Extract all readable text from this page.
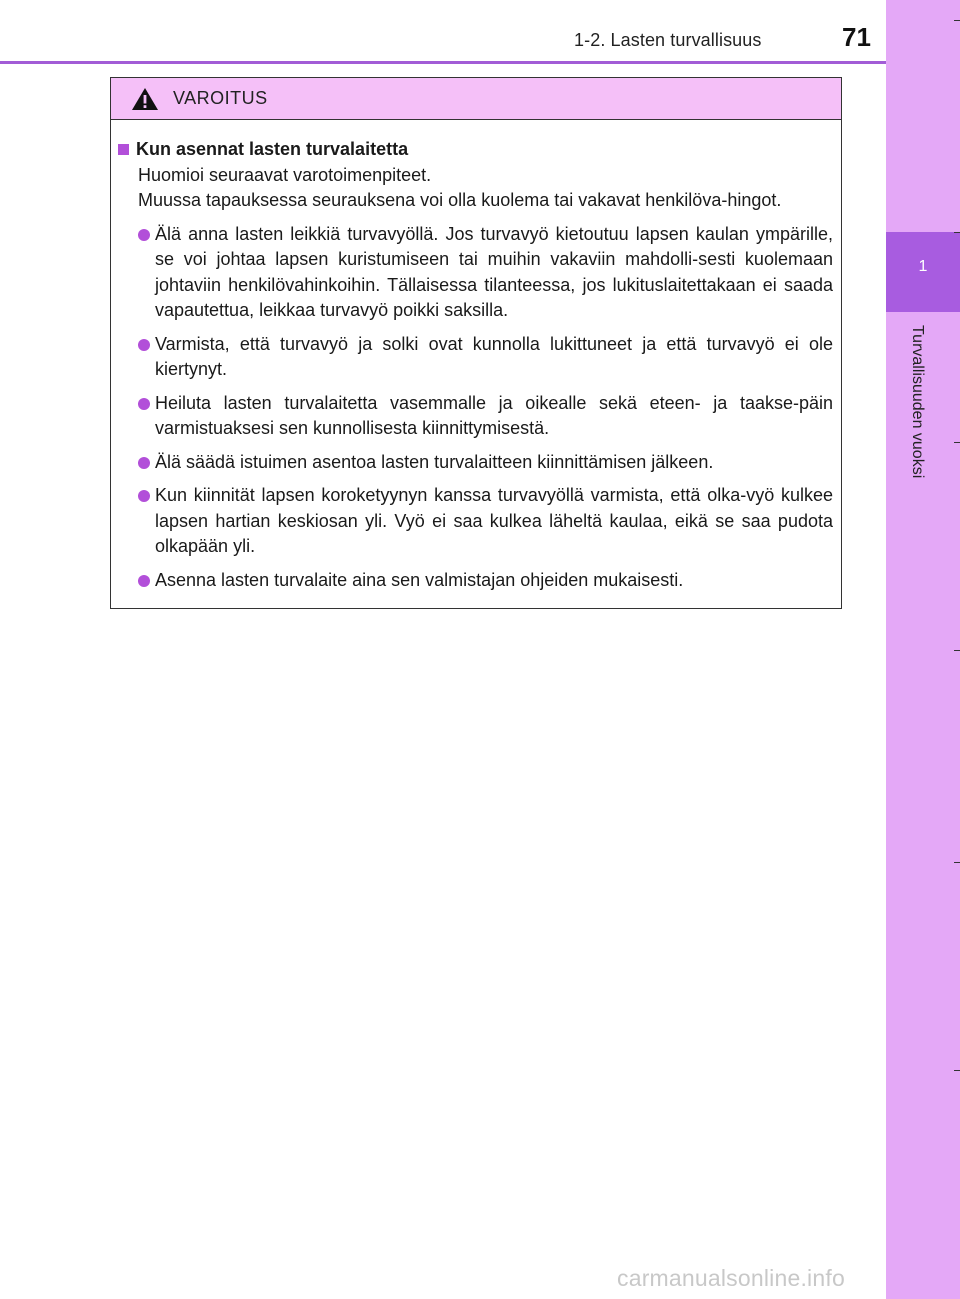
1
Turvallisuuden vuoksi
1-2. Lasten turvallisuus	71
VAROITUS
Kun asennat lasten turvalaitetta
Huomioi seuraavat varotoimenpiteet.
Muussa tapauksessa seurauksena voi olla kuolema tai vakavat henkilöva-hingot.
Älä anna lasten leikkiä turvavyöllä. Jos turvavyö kietoutuu lapsen kaulan ympärille, se voi johtaa lapsen kuristumiseen tai muihin vakaviin mahdolli-sesti kuolemaan johtaviin henkilövahinkoihin. Tällaisessa tilanteessa, jos lukituslaitettakaan ei saada vapautettua, leikkaa turvavyö poikki saksilla.
Varmista, että turvavyö ja solki ovat kunnolla lukittuneet ja että turvavyö ei ole kiertynyt.
Heiluta lasten turvalaitetta vasemmalle ja oikealle sekä eteen- ja taakse-päin varmistuaksesi sen kunnollisesta kiinnittymisestä.
Älä säädä istuimen asentoa lasten turvalaitteen kiinnittämisen jälkeen.
Kun kiinnität lapsen koroketyynyn kanssa turvavyöllä varmista, että olka-vyö kulkee lapsen hartian keskiosan yli. Vyö ei saa kulkea läheltä kaulaa, eikä se saa pudota olkapään yli.
Asenna lasten turvalaite aina sen valmistajan ohjeiden mukaisesti.
carmanualsonline.info
